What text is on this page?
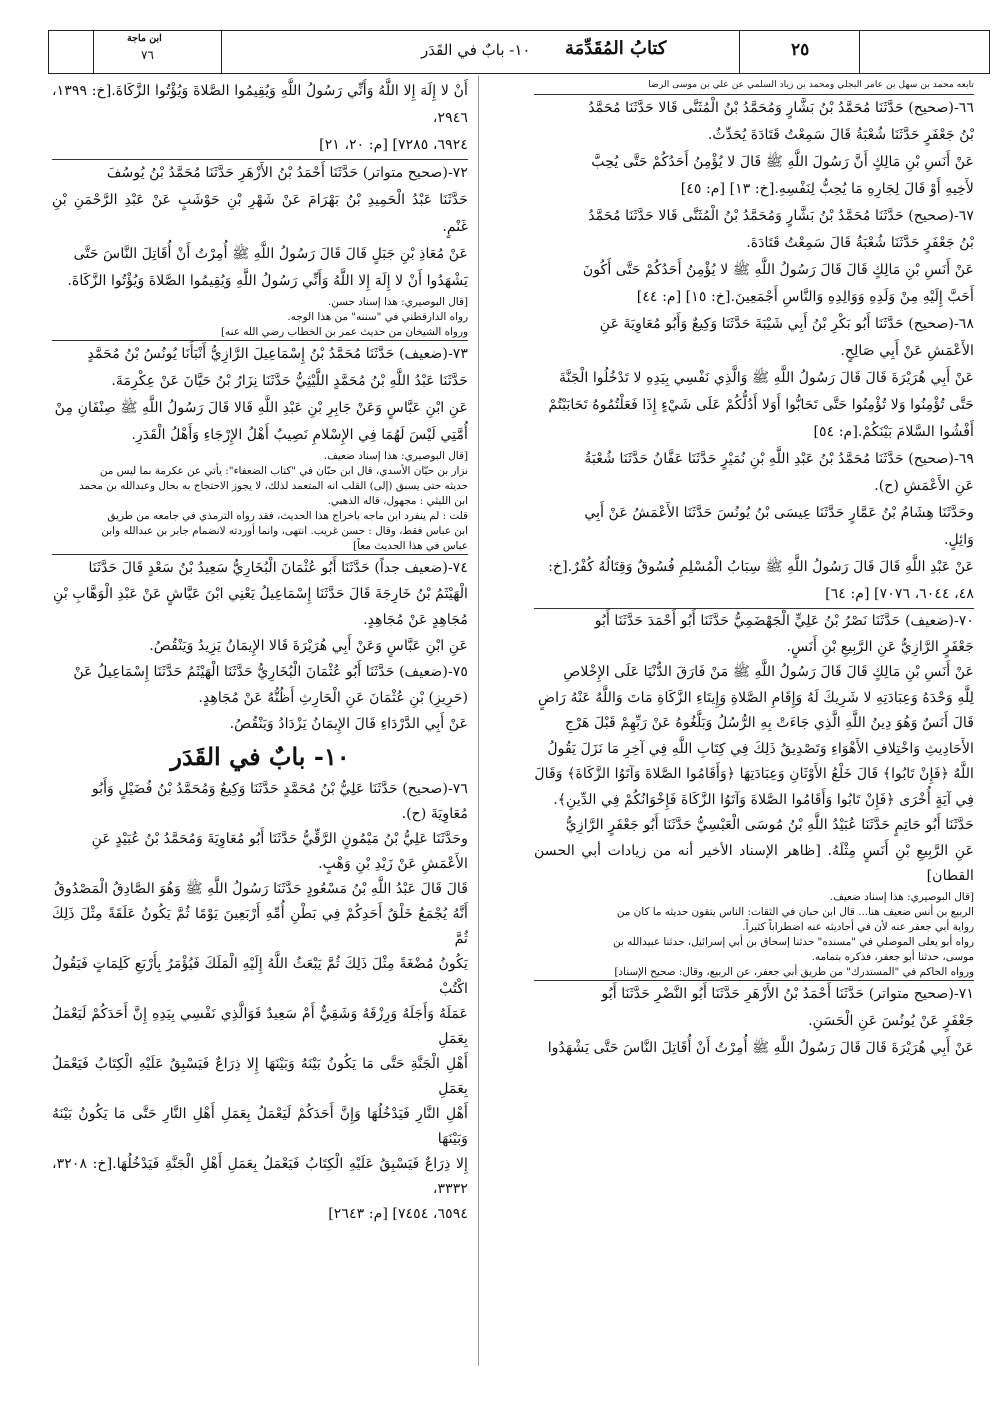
ابن ماجة
٧٦	١٠- بابٌ في القَدَر كتابُ المُقَدِّمَة	٢٥

تابعه محمد بن سهل بن عامر البجلي ومحمد بن زياد السلمي عن علي بن موسى الرضا

٦٦-(صحيح) حَدَّثَنَا مُحَمَّدُ بْنُ بَشَّارٍ وَمُحَمَّدُ بْنُ الْمُثَنَّى قَالا حَدَّثَنَا مُحَمَّدُ

بْنُ جَعْفَرٍ حَدَّثَنَا شُعْبَةُ قَالَ سَمِعْتُ قَتَادَةَ يُحَدِّثُ.

عَنْ أَنَسِ بْنِ مَالِكٍ أَنَّ رَسُولَ اللَّهِ ﷺ قَالَ لا يُؤْمِنُ أَحَدُكُمْ حَتَّى يُحِبَّ

لأَخِيهِ أَوْ قَالَ لِجَارِهِ مَا يُحِبُّ لِنَفْسِهِ.[خ: ١٣] [م: ٤٥]

٦٧-(صحيح) حَدَّثَنَا مُحَمَّدُ بْنُ بَشَّارٍ وَمُحَمَّدُ بْنُ الْمُثَنَّى قَالا حَدَّثَنَا مُحَمَّدُ

بْنُ جَعْفَرٍ حَدَّثَنَا شُعْبَةُ قَالَ سَمِعْتُ قَتَادَةَ.

عَنْ أَنَسِ بْنِ مَالِكٍ قَالَ قَالَ رَسُولُ اللَّهِ ﷺ لا يُؤْمِنُ أَحَدُكُمْ حَتَّى أَكُونَ

أَحَبَّ إِلَيْهِ مِنْ وَلَدِهِ وَوَالِدِهِ وَالنَّاسِ أَجْمَعِينَ.[خ: ١٥] [م: ٤٤]

٦٨-(صحيح) حَدَّثَنَا أَبُو بَكْرِ بْنُ أَبِي شَيْبَةَ حَدَّثَنَا وَكِيعٌ وَأَبُو مُعَاوِيَةَ عَنِ

الأَعْمَشِ عَنْ أَبِي صَالِحٍ.

عَنْ أَبِي هُرَيْرَةَ قَالَ قَالَ رَسُولُ اللَّهِ ﷺ وَالَّذِي نَفْسِي بِيَدِهِ لا تَدْخُلُوا الْجَنَّةَ

حَتَّى تُؤْمِنُوا وَلا تُؤْمِنُوا حَتَّى تَحَابُّوا أَوَلا أَدُلُّكُمْ عَلَى شَيْءٍ إِذَا فَعَلْتُمُوهُ تَحَابَبْتُمْ

أَفْشُوا السَّلامَ بَيْنَكُمْ.[م: ٥٤]

٦٩-(صحيح) حَدَّثَنَا مُحَمَّدُ بْنُ عَبْدِ اللَّهِ بْنِ نُمَيْرٍ حَدَّثَنَا عَفَّانُ حَدَّثَنَا شُعْبَةُ

عَنِ الأَعْمَشِ (ح).

وحَدَّثَنَا هِشَامُ بْنُ عَمَّارٍ حَدَّثَنَا عِيسَى بْنُ يُونُسَ حَدَّثَنَا الأَعْمَشُ عَنْ أَبِي

وَائِلٍ.

عَنْ عَبْدِ اللَّهِ قَالَ قَالَ رَسُولُ اللَّهِ ﷺ سِبَابُ الْمُسْلِمِ فُسُوقٌ وَقِتَالُهُ كُفْرٌ.[خ:

٤٨، ٦٠٤٤، ٧٠٧٦] [م: ٦٤]

٧٠-(ضعيف) حَدَّثَنَا نَصْرُ بْنُ عَلِيٍّ الْجَهْضَمِيُّ حَدَّثَنَا أَبُو أَحْمَدَ حَدَّثَنَا أَبُو

جَعْفَرٍ الرَّازِيُّ عَنِ الرَّبِيعِ بْنِ أَنَسٍ.

عَنْ أَنَسِ بْنِ مَالِكٍ قَالَ قَالَ رَسُولُ اللَّهِ ﷺ مَنْ فَارَقَ الدُّنْيَا عَلَى الإِخْلاصِ

لِلَّهِ وَحْدَهُ وَعِبَادَتِهِ لا شَرِيكَ لَهُ وَإِقَامِ الصَّلاةِ وَإِيتَاءِ الزَّكَاةِ مَاتَ وَاللَّهُ عَنْهُ رَاضٍ

قَالَ أَنَسٌ وَهُوَ دِينُ اللَّهِ الَّذِي جَاءَتْ بِهِ الرُّسُلُ وَبَلَّغُوهُ عَنْ رَبِّهِمْ قَبْلَ هَرْجِ

الأَحَادِيثِ وَاخْتِلافِ الأَهْوَاءِ وَتَصْدِيقُ ذَلِكَ فِي كِتَابِ اللَّهِ فِي آخِرِ مَا نَزَلَ يَقُولُ

اللَّهُ ﴿فَإِنْ تَابُوا﴾ قَالَ خَلْعُ الأَوْثَانِ وَعِبَادَتِهَا ﴿وَأَقَامُوا الصَّلاةَ وَآتَوُا الزَّكَاةَ﴾ وَقَالَ

فِي آيَةٍ أُخْرَى ﴿فَإِنْ تَابُوا وَأَقَامُوا الصَّلاةَ وَآتَوُا الزَّكَاةَ فَإِخْوَانُكُمْ فِي الدِّينِ﴾.

حَدَّثَنَا أَبُو حَاتِمٍ حَدَّثَنَا عُبَيْدُ اللَّهِ بْنُ مُوسَى الْعَبْسِيُّ حَدَّثَنَا أَبُو جَعْفَرٍ الرَّازِيُّ

عَنِ الرَّبِيعِ بْنِ أَنَسٍ مِثْلَهُ. [ظاهر الإسناد الأخير أنه من زيادات أبي الحسن القطان]

[قال البوصيري: هذا إسناد ضعيف.

الربيع بن أنس ضعيف هنا... قال ابن حبان في الثقات: الناس يتقون حديثه ما كان من

رواية أبي جعفر عنه لأن في أحاديثه عنه اضطراباً كثيراً.

رواه أبو يعلى الموصلي في "مسنده" حدثنا إسحاق بن أبي إسرائيل، حدثنا عبيدالله بن

موسى، حدثنا أبو جعفر، فذكره بتمامه.

ورواه الحاكم في "المستدرك" من طريق أبي جعفر، عن الربيع، وقال: صحيح الإسناد]

٧١-(صحيح متواتر) حَدَّثَنَا أَحْمَدُ بْنُ الأَزْهَرِ حَدَّثَنَا أَبُو النَّضْرِ حَدَّثَنَا أَبُو

جَعْفَرٍ عَنْ يُونُسَ عَنِ الْحَسَنِ.

عَنْ أَبِي هُرَيْرَةَ قَالَ قَالَ رَسُولُ اللَّهِ ﷺ أُمِرْتُ أَنْ أُقَاتِلَ النَّاسَ حَتَّى يَشْهَدُوا

أَنْ لا إِلَهَ إِلا اللَّهُ وَأَنِّي رَسُولُ اللَّهِ وَيُقِيمُوا الصَّلاةَ وَيُؤْتُوا الزَّكَاةَ.[خ: ١٣٩٩، ٢٩٤٦،

٦٩٢٤، ٧٢٨٥] [م: ٢٠، ٢١]

٧٢-(صحيح متواتر) حَدَّثَنَا أَحْمَدُ بْنُ الأَزْهَرِ حَدَّثَنَا مُحَمَّدُ بْنُ يُوسُفَ

حَدَّثَنَا عَبْدُ الْحَمِيدِ بْنُ بَهْرَامَ عَنْ شَهْرِ بْنِ حَوْشَبٍ عَنْ عَبْدِ الرَّحْمَنِ بْنِ غَنْمٍ.

عَنْ مُعَاذِ بْنِ جَبَلٍ قَالَ قَالَ رَسُولُ اللَّهِ ﷺ أُمِرْتُ أَنْ أُقَاتِلَ النَّاسَ حَتَّى

يَشْهَدُوا أَنْ لا إِلَهَ إِلا اللَّهُ وَأَنِّي رَسُولُ اللَّهِ وَيُقِيمُوا الصَّلاةَ وَيُؤْتُوا الزَّكَاةَ.

[قال البوصيري: هذا إسناد حسن.

رواه الدارقطني في "سننه" من هذا الوجه.

ورواه الشيخان من حديث عمر بن الخطاب رضي الله عنه]

٧٣-(ضعيف) حَدَّثَنَا مُحَمَّدُ بْنُ إِسْمَاعِيلَ الرَّازِيُّ أَنْبَأَنَا يُونُسُ بْنُ مُحَمَّدٍ

حَدَّثَنَا عَبْدُ اللَّهِ بْنُ مُحَمَّدٍ اللَّيْثِيُّ حَدَّثَنَا نِزَارُ بْنُ حَيَّانَ عَنْ عِكْرِمَةَ.

عَنِ ابْنِ عَبَّاسٍ وَعَنْ جَابِرِ بْنِ عَبْدِ اللَّهِ قَالا قَالَ رَسُولُ اللَّهِ ﷺ صِنْفَانِ مِنْ

أُمَّتِي لَيْسَ لَهُمَا فِي الإِسْلامِ نَصِيبٌ أَهْلُ الإِرْجَاءِ وَأَهْلُ الْقَدَرِ.

[قال البوصيري: هذا إسناد ضعيف.

نزار بن حيّان الأسدي، قال ابن حبّان في "كتاب الضعفاء": يأتي عن عكرمة بما ليس من

حديثه حتى يسبق (إلى) القلب انه المتعمد لذلك، لا يجوز الاحتجاج به بحال وعبدالله بن محمد

ابن الليثي : مجهول، قاله الذهبي.

قلت : لم ينفرد ابن ماجه باخراج هذا الحديث، فقد رواه الترمذي في جامعه من طريق

ابن عباس فقط، وقال : حسن غريب. انتهى، وانما أوردته لانضمام جابر بن عبدالله وابن

عباس في هذا الحديث معاً]

٧٤-(ضعيف جداً) حَدَّثَنَا أَبُو عُثْمَانَ الْبُخَارِيُّ سَعِيدُ بْنُ سَعْدٍ قَالَ حَدَّثَنَا

الْهَيْثَمُ بْنُ خَارِجَةَ قَالَ حَدَّثَنَا إِسْمَاعِيلُ يَعْنِي ابْنَ عَيَّاشٍ عَنْ عَبْدِ الْوَهَّابِ بْنِ

مُجَاهِدٍ عَنْ مُجَاهِدٍ.

عَنِ ابْنِ عَبَّاسٍ وَعَنْ أَبِي هُرَيْرَةَ قَالا الإِيمَانُ يَزِيدُ وَيَنْقُصُ.

٧٥-(ضعيف) حَدَّثَنَا أَبُو عُثْمَانَ الْبُخَارِيُّ حَدَّثَنَا الْهَيْثَمُ حَدَّثَنَا إِسْمَاعِيلُ عَنْ

(حَرِيزِ) بْنِ عُثْمَانَ عَنِ الْحَارِثِ أَظُنُّهُ عَنْ مُجَاهِدٍ.

عَنْ أَبِي الدَّرْدَاءِ قَالَ الإِيمَانُ يَزْدَادُ وَيَنْقُصُ.

١٠- بابٌ في القَدَر

٧٦-(صحيح) حَدَّثَنَا عَلِيُّ بْنُ مُحَمَّدٍ حَدَّثَنَا وَكِيعٌ وَمُحَمَّدُ بْنُ فُضَيْلٍ وَأَبُو

مُعَاوِيَةَ (ح).

وحَدَّثَنَا عَلِيُّ بْنُ مَيْمُونٍ الرَّقِّيُّ حَدَّثَنَا أَبُو مُعَاوِيَةَ وَمُحَمَّدُ بْنُ عُبَيْدٍ عَنِ

الأَعْمَشِ عَنْ زَيْدِ بْنِ وَهْبٍ.

قَالَ قَالَ عَبْدُ اللَّهِ بْنُ مَسْعُودٍ حَدَّثَنَا رَسُولُ اللَّهِ ﷺ وَهُوَ الصَّادِقُ الْمَصْدُوقُ

أَنَّهُ يُجْمَعُ خَلْقُ أَحَدِكُمْ فِي بَطْنِ أُمِّهِ أَرْبَعِينَ يَوْمًا ثُمَّ يَكُونُ عَلَقَةً مِثْلَ ذَلِكَ ثُمَّ

يَكُونُ مُضْغَةً مِثْلَ ذَلِكَ ثُمَّ يَبْعَثُ اللَّهُ إِلَيْهِ الْمَلَكَ فَيُؤْمَرُ بِأَرْبَعِ كَلِمَاتٍ فَيَقُولُ اكْتُبْ

عَمَلَهُ وَأَجَلَهُ وَرِزْقَهُ وَشَقِيٌّ أَمْ سَعِيدٌ فَوَالَّذِي نَفْسِي بِيَدِهِ إِنَّ أَحَدَكُمْ لَيَعْمَلُ بِعَمَلِ

أَهْلِ الْجَنَّةِ حَتَّى مَا يَكُونُ بَيْنَهُ وَبَيْنَهَا إِلا ذِرَاعٌ فَيَسْبِقُ عَلَيْهِ الْكِتَابُ فَيَعْمَلُ بِعَمَلِ

أَهْلِ النَّارِ فَيَدْخُلُهَا وَإِنَّ أَحَدَكُمْ لَيَعْمَلُ بِعَمَلِ أَهْلِ النَّارِ حَتَّى مَا يَكُونُ بَيْنَهُ وَبَيْنَهَا

إِلا ذِرَاعٌ فَيَسْبِقُ عَلَيْهِ الْكِتَابُ فَيَعْمَلُ بِعَمَلِ أَهْلِ الْجَنَّةِ فَيَدْخُلُهَا.[خ: ٣٢٠٨، ٣٣٣٢،

٦٥٩٤، ٧٤٥٤] [م: ٢٦٤٣]
